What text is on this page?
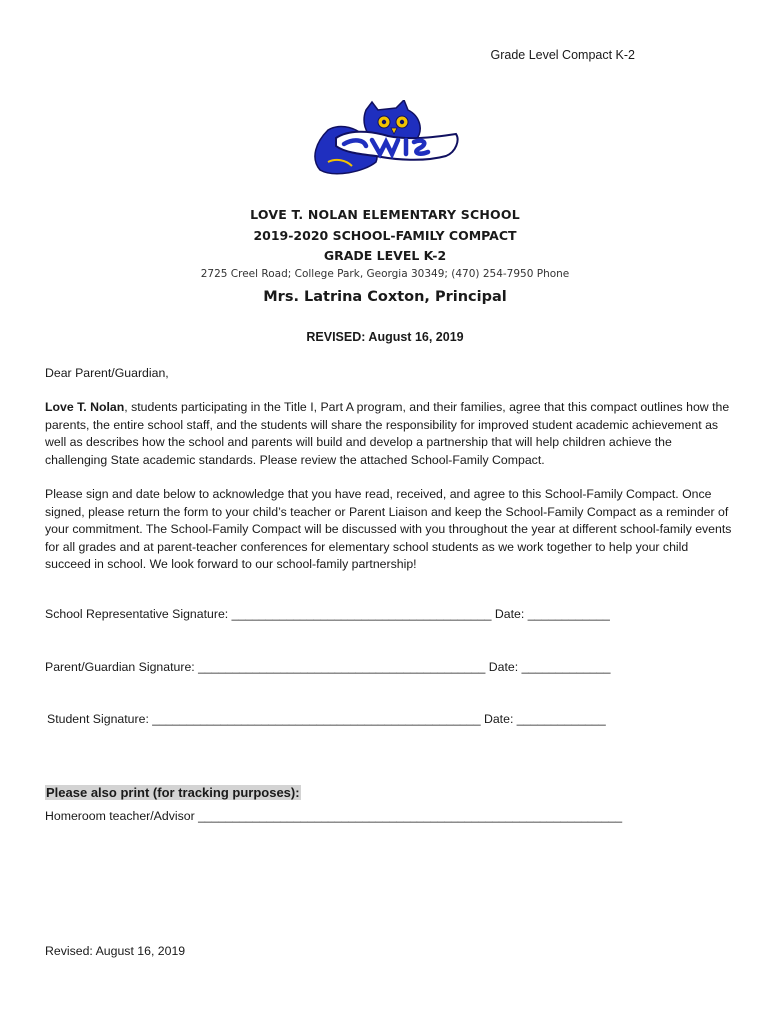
Grade Level Compact K-2
LOVE T. NOLAN ELEMENTARY SCHOOL
2019-2020 SCHOOL-FAMILY COMPACT
GRADE LEVEL K-2
2725 Creel Road; College Park, Georgia 30349; (470) 254-7950 Phone
Mrs. Latrina Coxton, Principal
REVISED: August 16, 2019
Dear Parent/Guardian,
Love T. Nolan, students participating in the Title I, Part A program, and their families, agree that this compact outlines how the parents, the entire school staff, and the students will share the responsibility for improved student academic achievement as well as describes how the school and parents will build and develop a partnership that will help children achieve the challenging State academic standards. Please review the attached School-Family Compact.
Please sign and date below to acknowledge that you have read, received, and agree to this School-Family Compact. Once signed, please return the form to your child’s teacher or Parent Liaison and keep the School-Family Compact as a reminder of your commitment. The School-Family Compact will be discussed with you throughout the year at different school-family events for all grades and at parent-teacher conferences for elementary school students as we work together to help your child succeed in school. We look forward to our school-family partnership!
School Representative Signature: ______________________________________ Date: ____________
Parent/Guardian Signature: __________________________________________ Date: _____________
Student Signature: ________________________________________________ Date: _____________
Please also print (for tracking purposes):
Homeroom teacher/Advisor ______________________________________________________________
Revised: August 16, 2019
